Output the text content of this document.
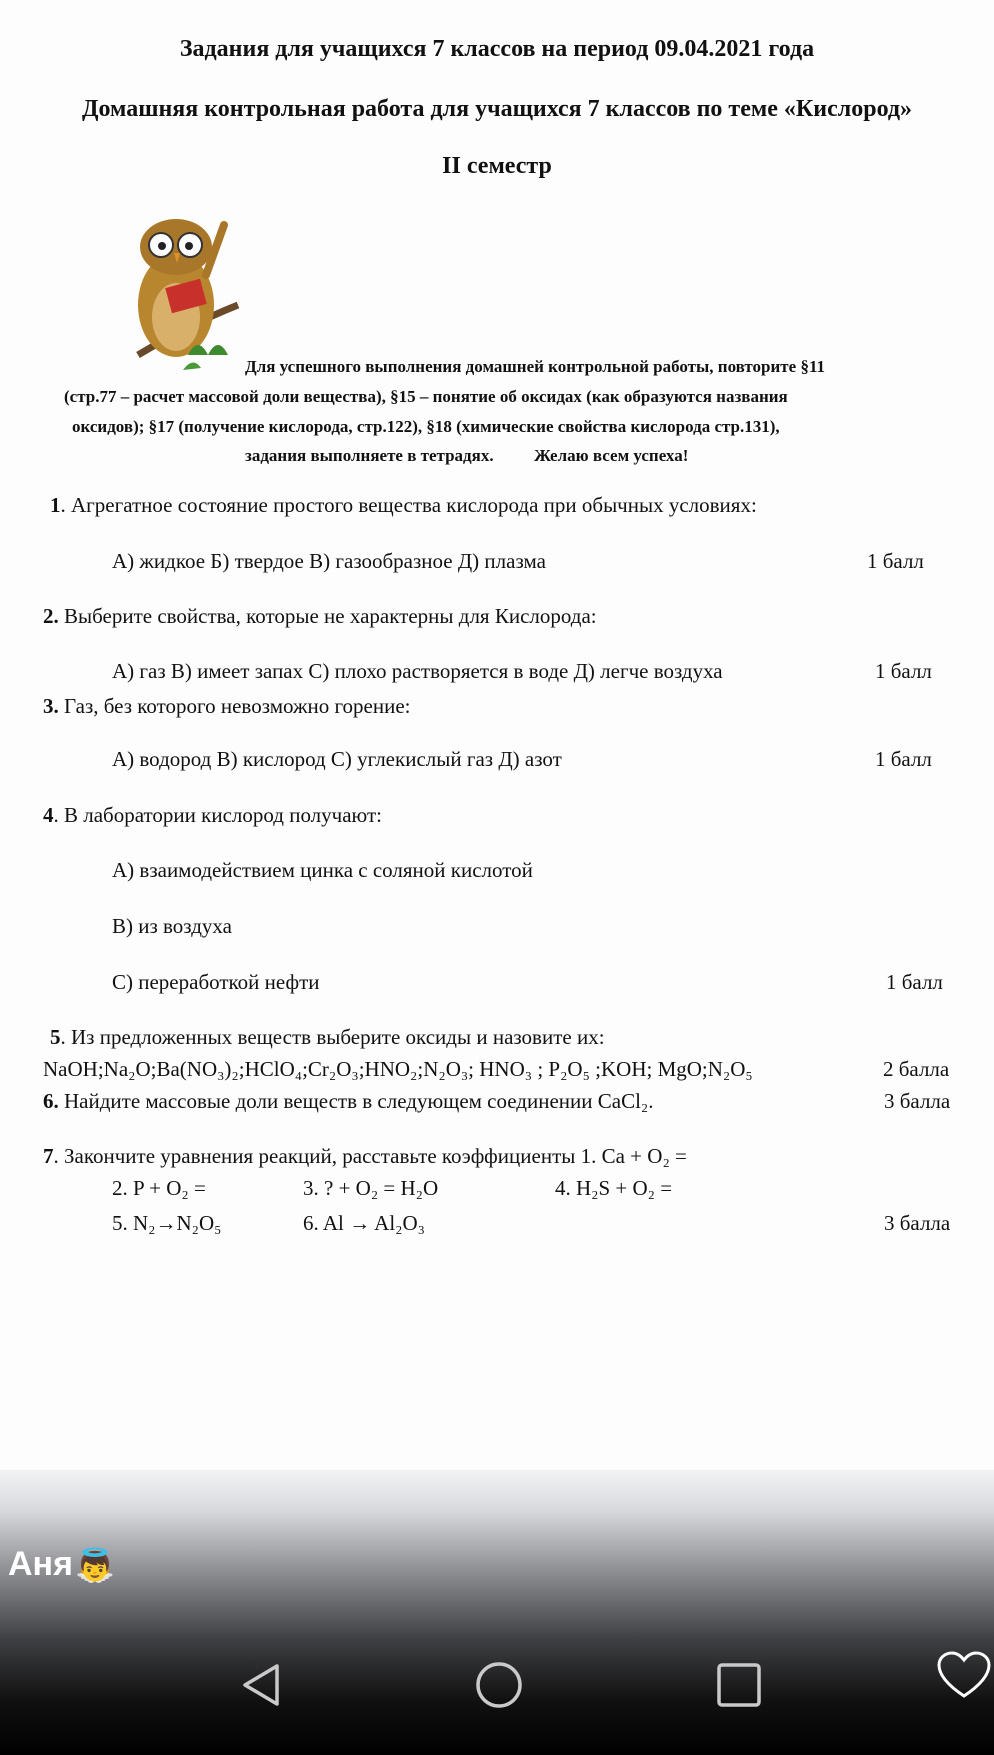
Задания для учащихся 7 классов на период 09.04.2021 года
Домашняя контрольная работа для учащихся 7 классов по теме «Кислород»
II семестр
Для успешного выполнения домашней контрольной работы, повторите §11
(стр.77 – расчет массовой доли вещества), §15 – понятие об оксидах (как образуются названия
оксидов); §17 (получение кислорода, стр.122), §18 (химические свойства кислорода стр.131),
задания выполняете в тетрадях. Желаю всем успеха!
1. Агрегатное состояние простого вещества кислорода при обычных условиях:
А) жидкое Б) твердое В) газообразное Д) плазма	1 балл
2. Выберите свойства, которые не характерны для Кислорода:
А) газ В) имеет запах С) плохо растворяется в воде Д) легче воздуха	1 балл
3. Газ, без которого невозможно горение:
А) водород В) кислород С) углекислый газ Д) азот	1 балл
4. В лаборатории кислород получают:
А) взаимодействием цинка с соляной кислотой
В) из воздуха
С) переработкой нефти	1 балл
5. Из предложенных веществ выберите оксиды и назовите их:
NaOH;Na₂O;Ba(NO₃)₂;HClO₄;Cr₂O₃;HNO₂;N₂O₃; HNO₃ ; P₂O₅ ;KOH; MgO;N₂O₅	2 балла
6. Найдите массовые доли веществ в следующем соединении CaCl₂.	3 балла
7. Закончите уравнения реакций, расставьте коэффициенты 1. Ca + O₂ =
2. P + O₂ =	3. ? + O₂ = H₂O	4. H₂S + O₂ =
5. N₂→N₂O₅	6. Al → Al₂O₃	3 балла
Аня 👼
